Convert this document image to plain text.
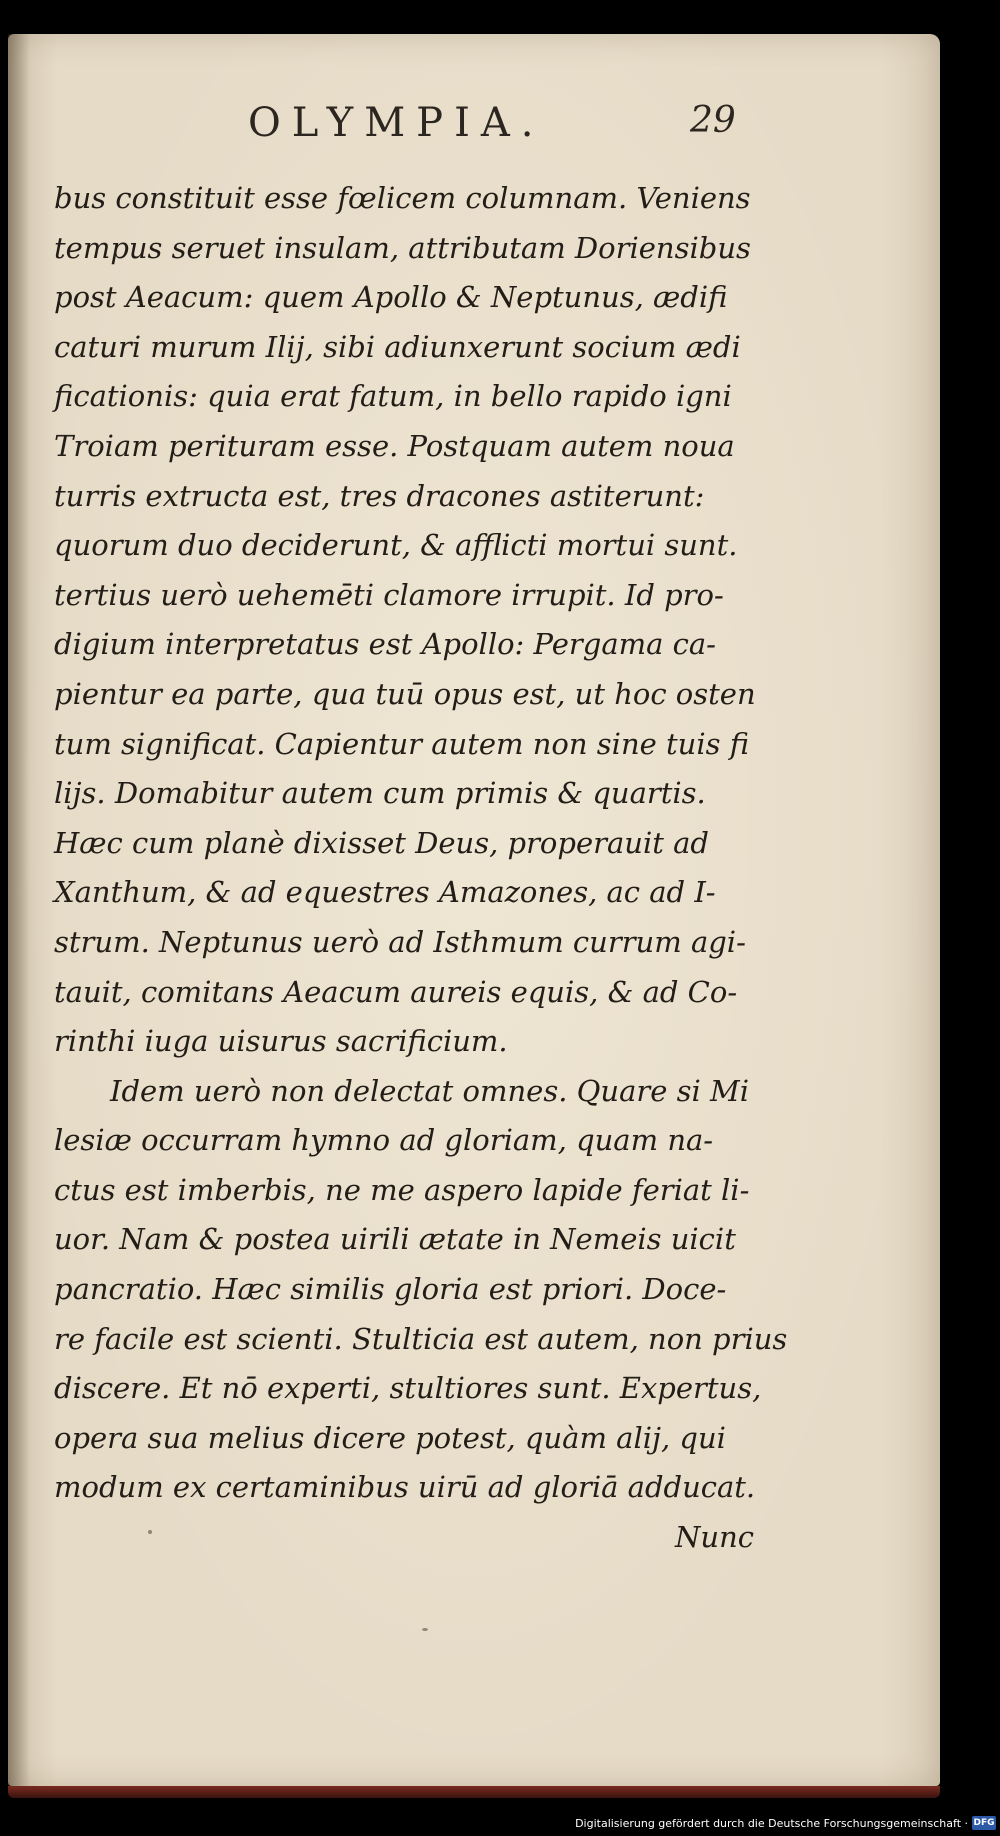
OLYMPIA.	29
bus constituit esse fœlicem columnam. Veniens
tempus seruet insulam, attributam Doriensibus
post Aeacum: quem Apollo & Neptunus, ædifi
caturi murum Ilij, sibi adiunxerunt socium ædi
ficationis: quia erat fatum, in bello rapido igni
Troiam perituram esse. Postquam autem noua
turris extructa est, tres dracones astiterunt:
quorum duo deciderunt, & afflicti mortui sunt.
tertius uerò uehemēti clamore irrupit. Id pro-
digium interpretatus est Apollo: Pergama ca-
pientur ea parte, qua tuū opus est, ut hoc osten
tum significat. Capientur autem non sine tuis fi
lijs. Domabitur autem cum primis & quartis.
Hæc cum planè dixisset Deus, properauit ad
Xanthum, & ad equestres Amazones, ac ad I-
strum. Neptunus uerò ad Isthmum currum agi-
tauit, comitans Aeacum aureis equis, & ad Co-
rinthi iuga uisurus sacrificium.
Idem uerò non delectat omnes. Quare si Mi
lesiæ occurram hymno ad gloriam, quam na-
ctus est imberbis, ne me aspero lapide feriat li-
uor. Nam & postea uirili ætate in Nemeis uicit
pancratio. Hæc similis gloria est priori. Doce-
re facile est scienti. Stulticia est autem, non prius
discere. Et nō experti, stultiores sunt. Expertus,
opera sua melius dicere potest, quàm alij, qui
modum ex certaminibus uirū ad gloriā adducat.
Nunc
Digitalisierung gefördert durch die Deutsche Forschungsgemeinschaft · DFG
